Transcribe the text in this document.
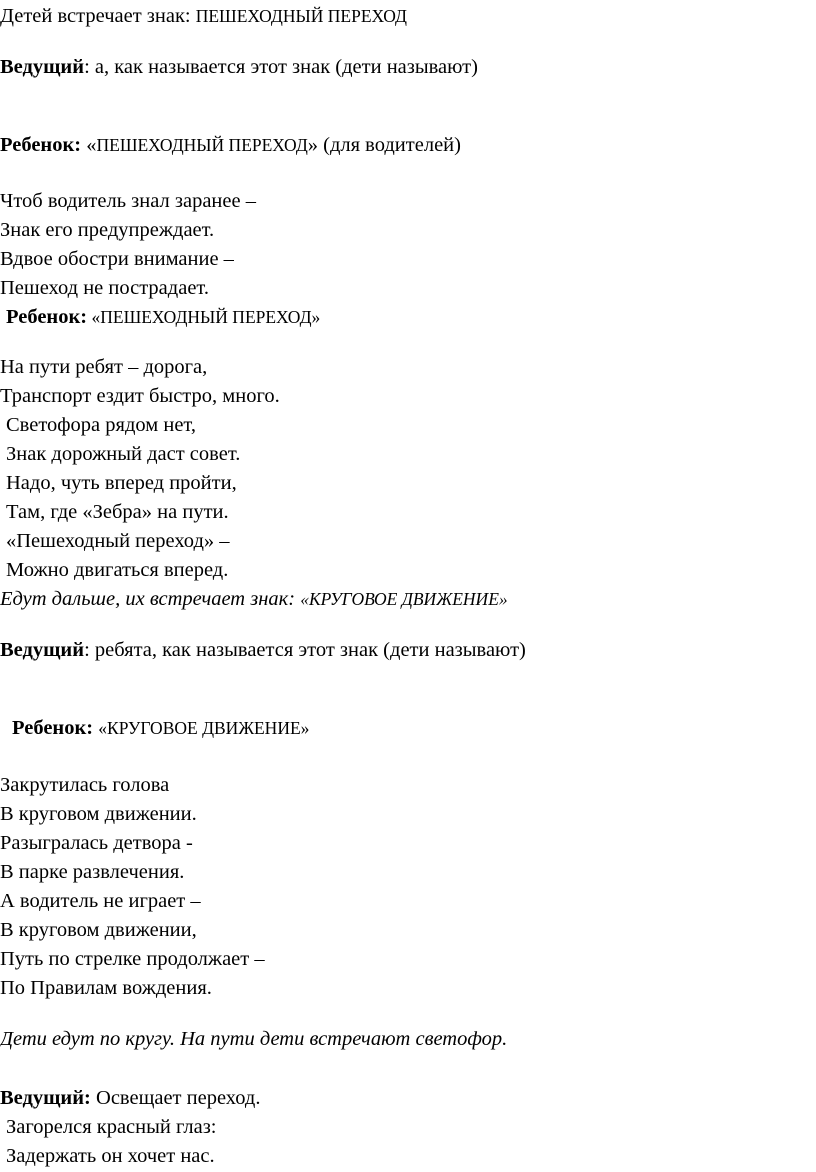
Детей встречает знак: ПЕШЕХОДНЫЙ ПЕРЕХОД
Ведущий: а, как называется этот знак (дети называют)
Ребенок: «ПЕШЕХОДНЫЙ ПЕРЕХОД» (для водителей)
Чтоб водитель знал заранее –
Знак его предупреждает.
Вдвое обостри внимание –
Пешеход не пострадает.
Ребенок: «ПЕШЕХОДНЫЙ ПЕРЕХОД»
На пути ребят – дорога,
Транспорт ездит быстро, много.
Светофора рядом нет,
Знак дорожный даст совет.
Надо, чуть вперед пройти,
Там, где «Зебра» на пути.
«Пешеходный переход» –
Можно двигаться вперед.
Едут дальше, их встречает знак: «КРУГОВОЕ ДВИЖЕНИЕ»
Ведущий: ребята, как называется этот знак (дети называют)
Ребенок: «КРУГОВОЕ ДВИЖЕНИЕ»
Закрутилась голова
В круговом движении.
Разыгралась детвора -
В парке развлечения.
А водитель не играет –
В круговом движении,
Путь по стрелке продолжает –
По Правилам вождения.
Дети едут по кругу. На пути дети встречают светофор.
Ведущий: Освещает переход.
Загорелся красный глаз:
Задержать он хочет нас.
